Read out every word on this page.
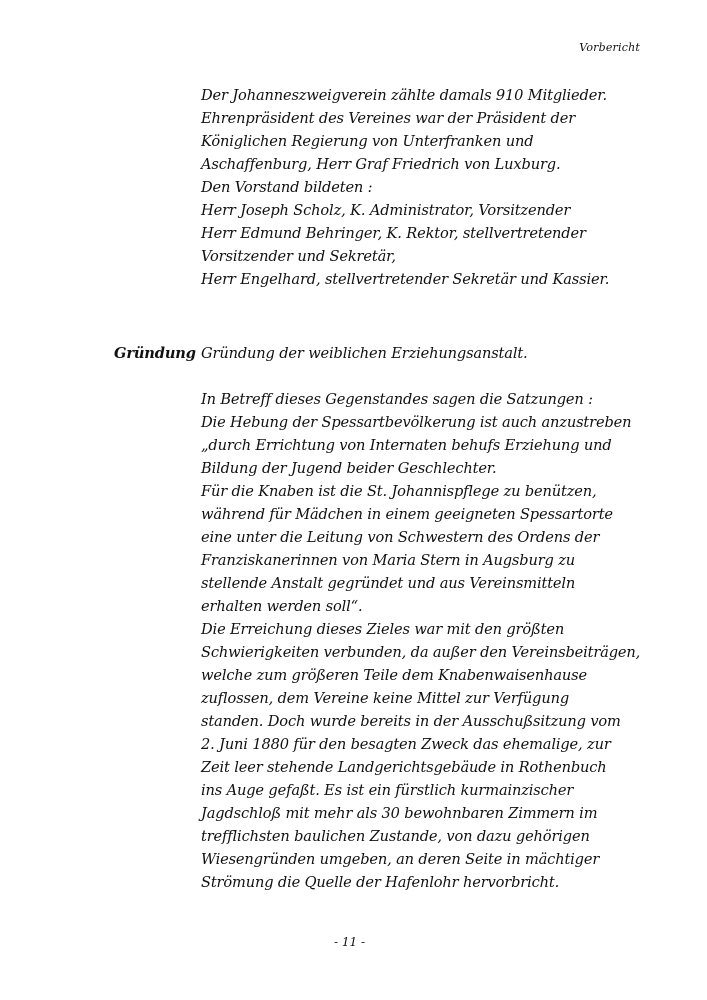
Vorbericht
Der Johanneszweigverein zählte damals 910 Mitglieder.
Ehrenpräsident des Vereines war der Präsident der
Königlichen Regierung von Unterfranken und
Aschaffenburg, Herr Graf Friedrich von Luxburg.
Den Vorstand bildeten :
Herr Joseph Scholz, K. Administrator, Vorsitzender
Herr Edmund Behringer, K. Rektor, stellvertretender
Vorsitzender und Sekretär,
Herr Engelhard, stellvertretender Sekretär und Kassier.
Gründung Gründung der weiblichen Erziehungsanstalt.
In Betreff dieses Gegenstandes sagen die Satzungen :
Die Hebung der Spessartbevölkerung ist auch anzustreben
„durch Errichtung von Internaten behufs Erziehung und
Bildung der Jugend beider Geschlechter.
Für die Knaben ist die St. Johannispflege zu benützen,
während für Mädchen in einem geeigneten Spessartorte
eine unter die Leitung von Schwestern des Ordens der
Franziskanerinnen von Maria Stern in Augsburg zu
stellende Anstalt gegründet und aus Vereinsmitteln
erhalten werden soll“.
Die Erreichung dieses Zieles war mit den größten
Schwierigkeiten verbunden, da außer den Vereinsbeiträgen,
welche zum größeren Teile dem Knabenwaisenhause
zuflossen, dem Vereine keine Mittel zur Verfügung
standen. Doch wurde bereits in der Ausschußsitzung vom
2. Juni 1880 für den besagten Zweck das ehemalige, zur
Zeit leer stehende Landgerichtsgebäude in Rothenbuch
ins Auge gefaßt. Es ist ein fürstlich kurmainzischer
Jagdschloß mit mehr als 30 bewohnbaren Zimmern im
trefflichsten baulichen Zustande, von dazu gehörigen
Wiesengründen umgeben, an deren Seite in mächtiger
Strömung die Quelle der Hafenlohr hervorbricht.
- 11 -
